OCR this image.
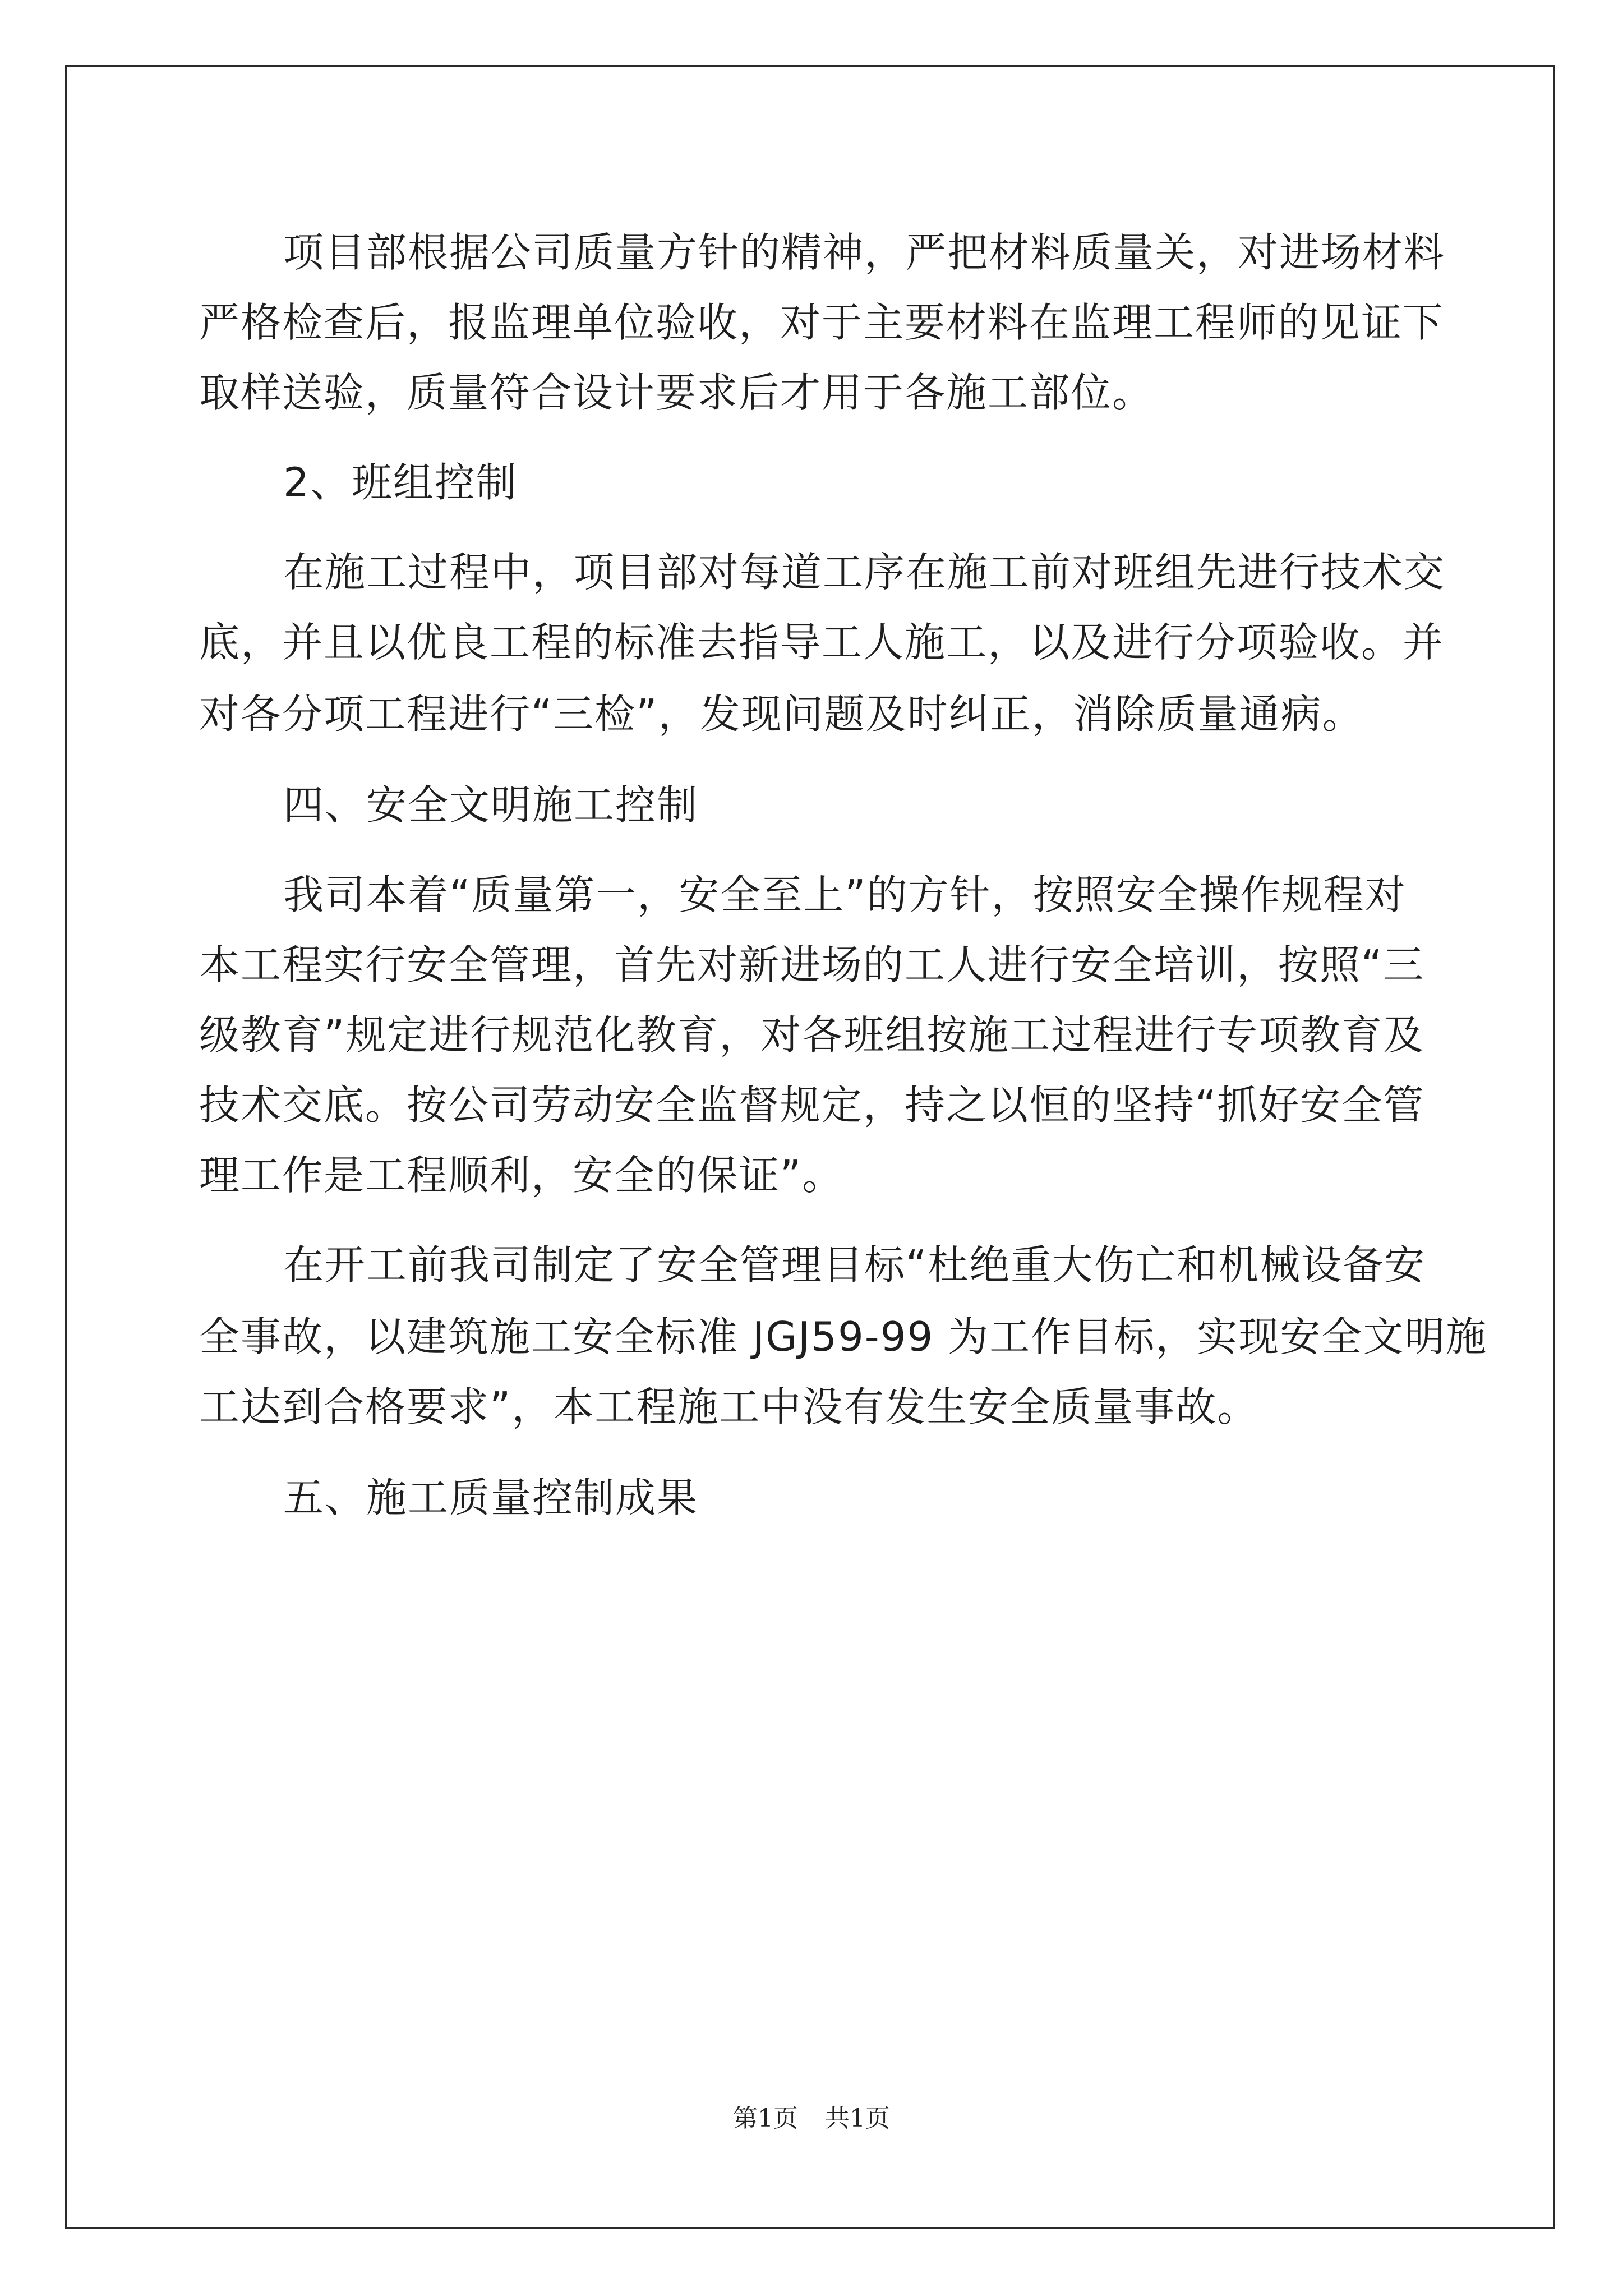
项目部根据公司质量方针的精神，严把材料质量关，对进场材料
严格检查后，报监理单位验收，对于主要材料在监理工程师的见证下
取样送验，质量符合设计要求后才用于各施工部位。
2、班组控制
在施工过程中，项目部对每道工序在施工前对班组先进行技术交
底，并且以优良工程的标准去指导工人施工，以及进行分项验收。并
对各分项工程进行“三检”，发现问题及时纠正，消除质量通病。
四、安全文明施工控制
我司本着“质量第一，安全至上”的方针，按照安全操作规程对
本工程实行安全管理，首先对新进场的工人进行安全培训，按照“三
级教育”规定进行规范化教育，对各班组按施工过程进行专项教育及
技术交底。按公司劳动安全监督规定，持之以恒的坚持“抓好安全管
理工作是工程顺利，安全的保证”。
在开工前我司制定了安全管理目标“杜绝重大伤亡和机械设备安
全事故，以建筑施工安全标准 JGJ59-99 为工作目标，实现安全文明施
工达到合格要求”，本工程施工中没有发生安全质量事故。
五、施工质量控制成果
第1页 共1页
